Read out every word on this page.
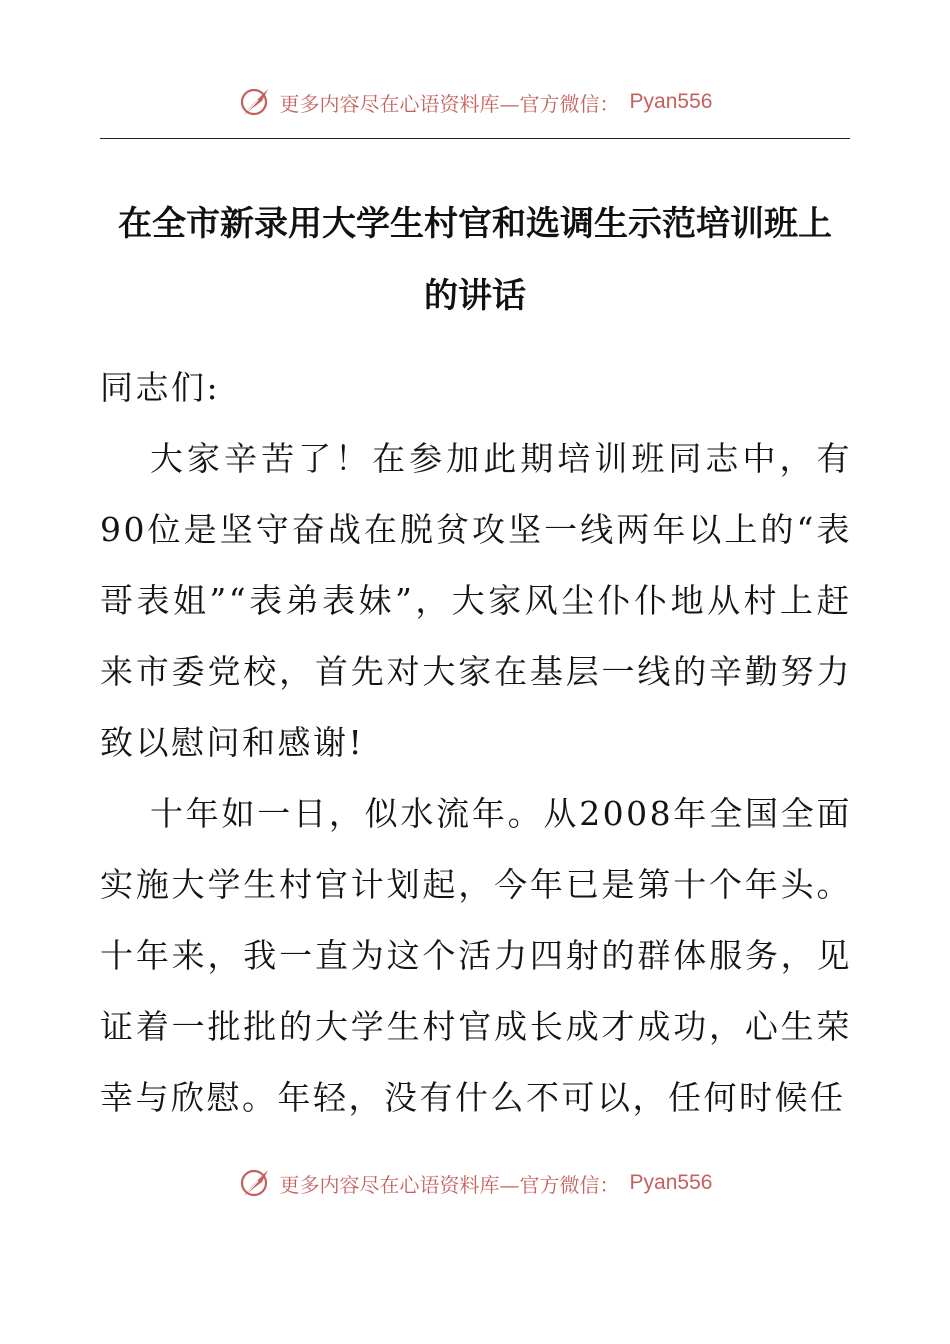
更多内容尽在心语资料库—官方微信： Pyan556
在全市新录用大学生村官和选调生示范培训班上
的讲话

同志们:

大家辛苦了！在参加此期培训班同志中，有90位是坚守奋战在脱贫攻坚一线两年以上的“表哥表姐”“表弟表妹”，大家风尘仆仆地从村上赶来市委党校，首先对大家在基层一线的辛勤努力致以慰问和感谢!

十年如一日，似水流年。从2008年全国全面实施大学生村官计划起，今年已是第十个年头。十年来，我一直为这个活力四射的群体服务，见证着一批批的大学生村官成长成才成功，心生荣幸与欣慰。年轻，没有什么不可以，任何时候任

更多内容尽在心语资料库—官方微信： Pyan556
